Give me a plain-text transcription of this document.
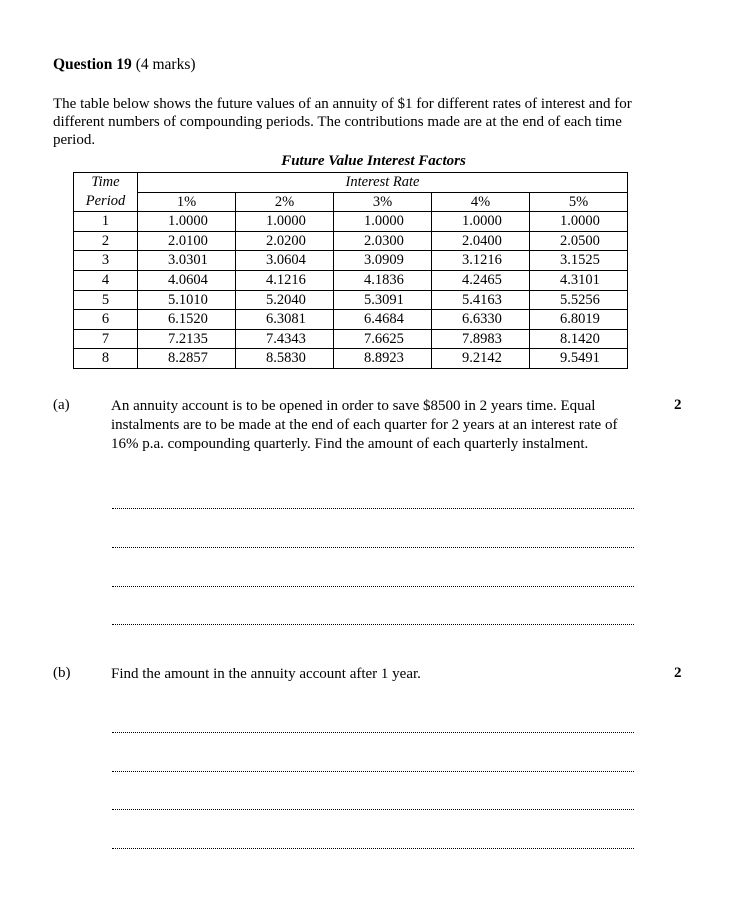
Question 19 (4 marks)
The table below shows the future values of an annuity of $1 for different rates of interest and for different numbers of compounding periods. The contributions made are at the end of each time period.
Future Value Interest Factors
Time	Interest Rate				
Period	1%	2%	3%	4%	5%
1	1.0000	1.0000	1.0000	1.0000	1.0000
2	2.0100	2.0200	2.0300	2.0400	2.0500
3	3.0301	3.0604	3.0909	3.1216	3.1525
4	4.0604	4.1216	4.1836	4.2465	4.3101
5	5.1010	5.2040	5.3091	5.4163	5.5256
6	6.1520	6.3081	6.4684	6.6330	6.8019
7	7.2135	7.4343	7.6625	7.8983	8.1420
8	8.2857	8.5830	8.8923	9.2142	9.5491
(a)	An annuity account is to be opened in order to save $8500 in 2 years time. Equal instalments are to be made at the end of each quarter for 2 years at an interest rate of 16% p.a. compounding quarterly. Find the amount of each quarterly instalment.
2
(b)	Find the amount in the annuity account after 1 year.	2
